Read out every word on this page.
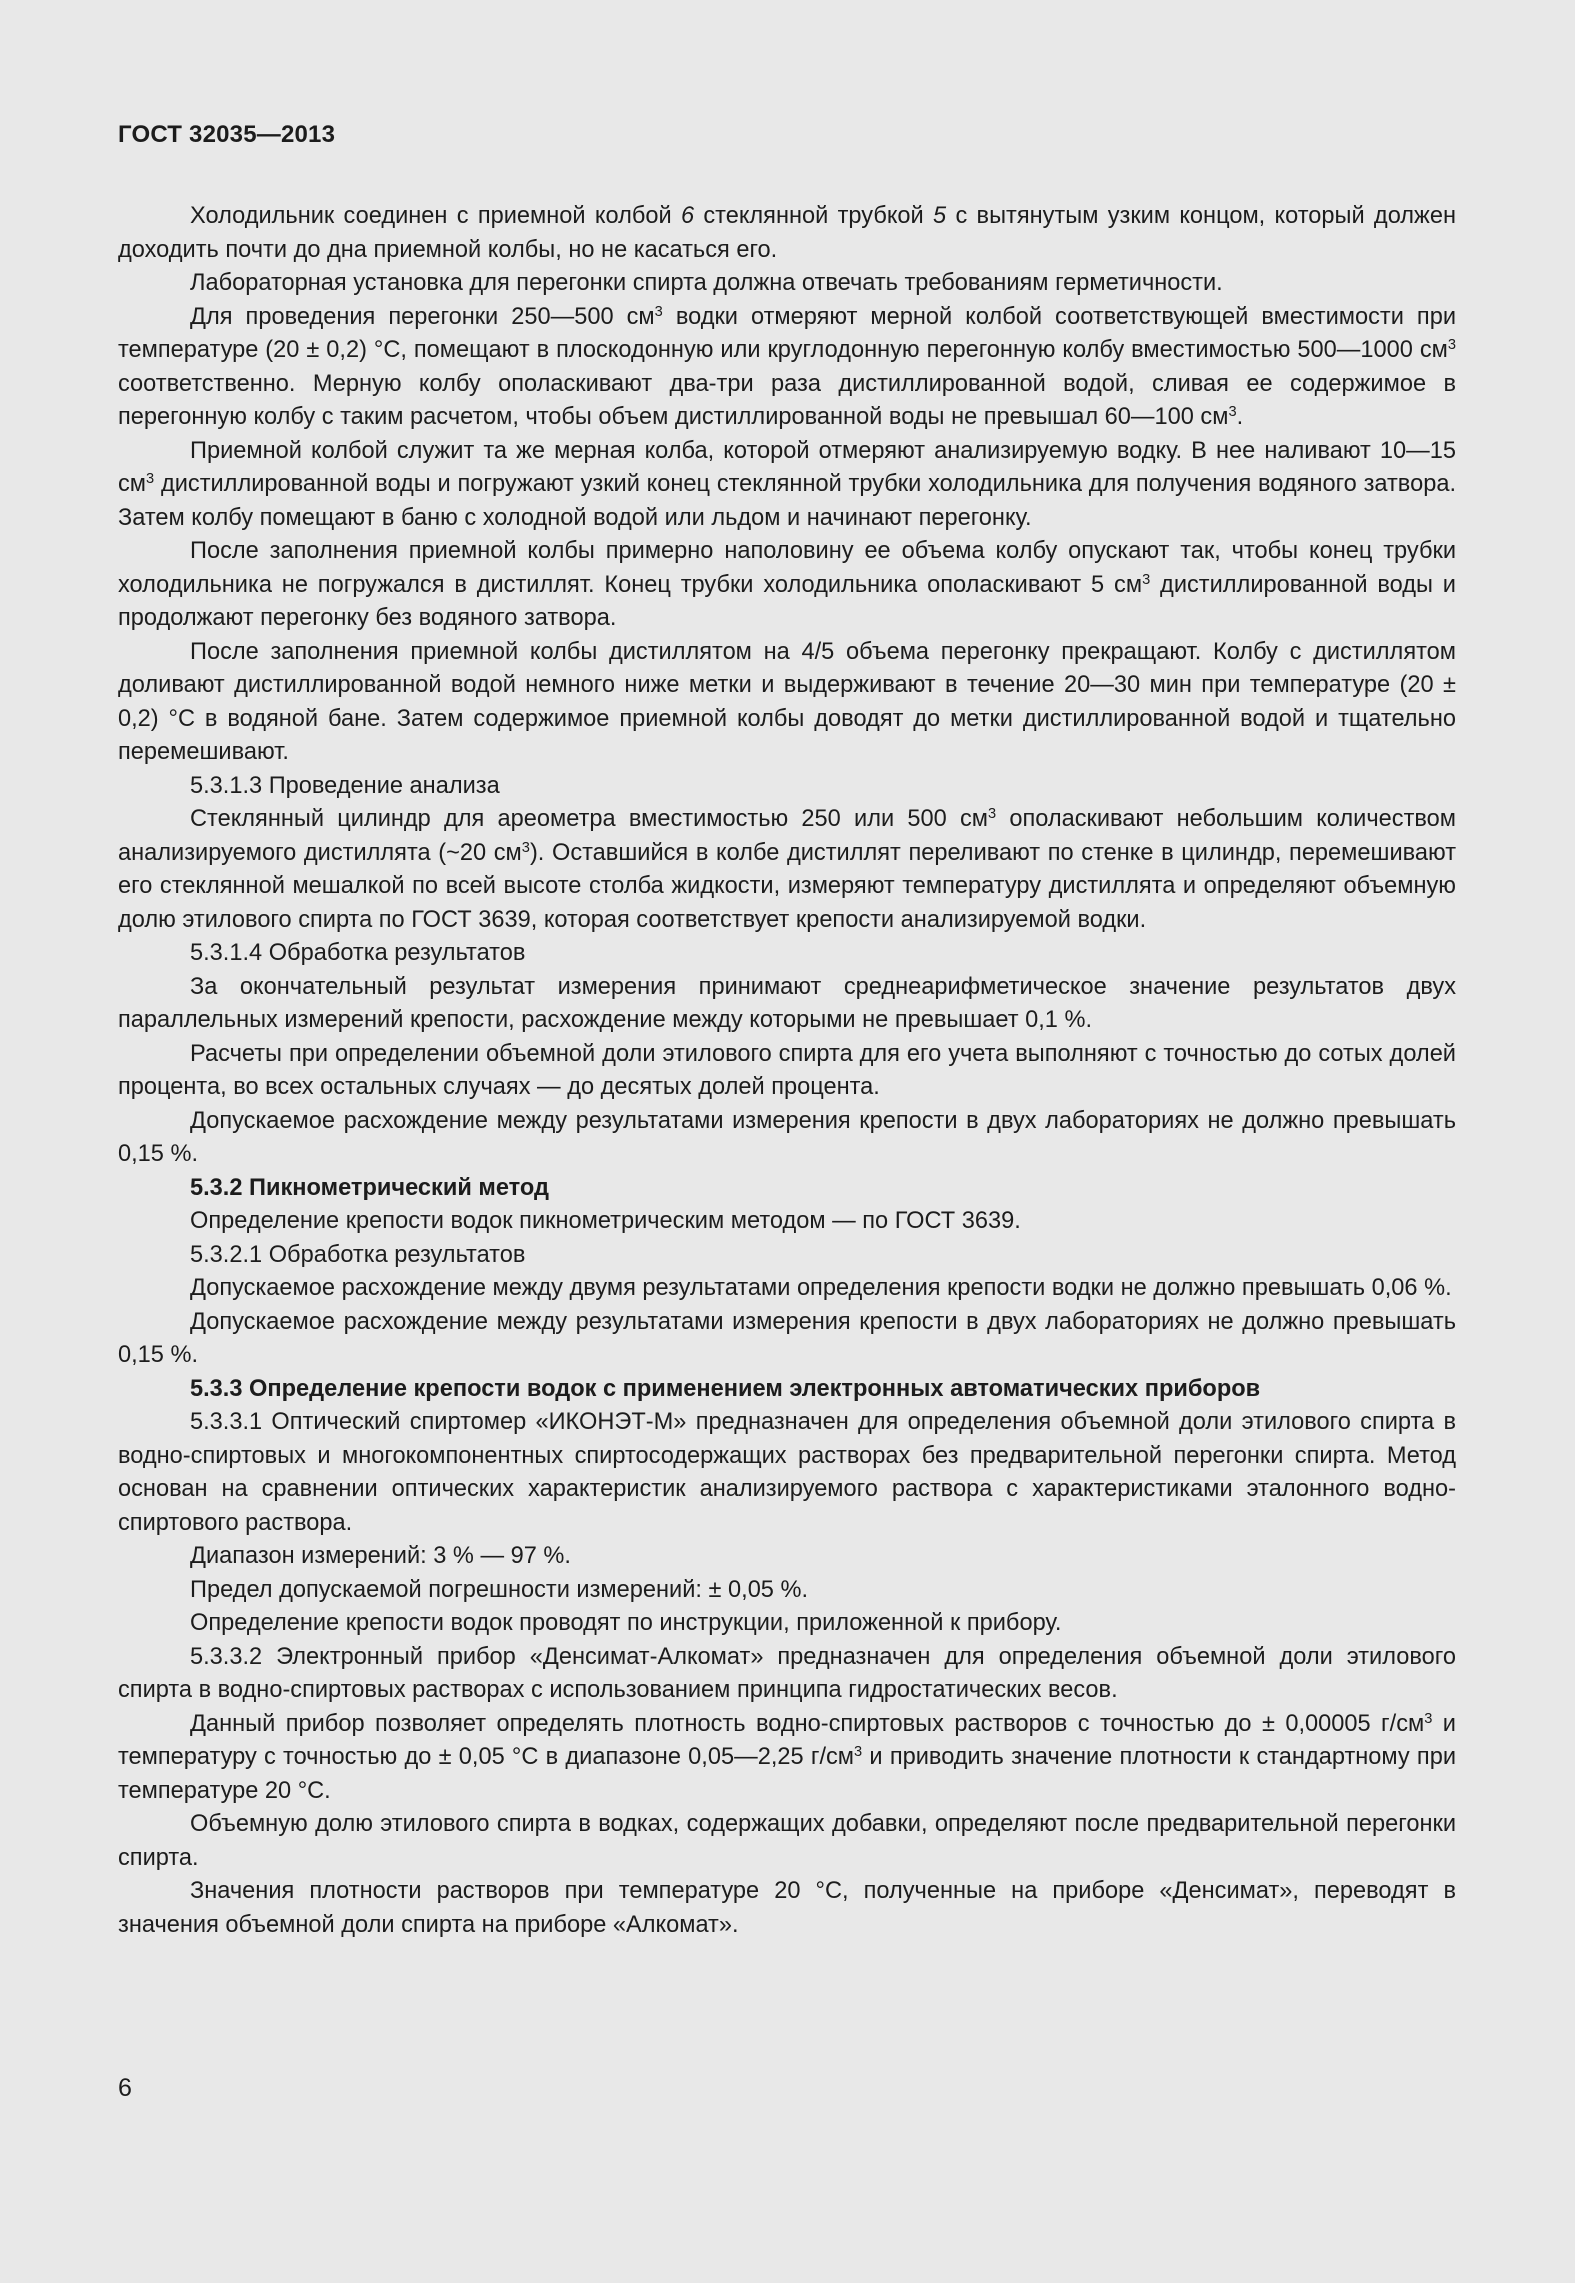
ГОСТ 32035—2013

Холодильник соединен с приемной колбой 6 стеклянной трубкой 5 с вытянутым узким концом, который должен доходить почти до дна приемной колбы, но не касаться его.

Лабораторная установка для перегонки спирта должна отвечать требованиям герметичности.

Для проведения перегонки 250—500 $см^3$ водки отмеряют мерной колбой соответствующей вместимости при температуре (20 ± 0,2) °С, помещают в плоскодонную или круглодонную перегонную колбу вместимостью 500—1000 $см^3$ соответственно. Мерную колбу ополаскивают два-три раза дистиллированной водой, сливая ее содержимое в перегонную колбу с таким расчетом, чтобы объем дистиллированной воды не превышал 60—100 $см^3$.

Приемной колбой служит та же мерная колба, которой отмеряют анализируемую водку. В нее наливают 10—15 $см^3$ дистиллированной воды и погружают узкий конец стеклянной трубки холодильника для получения водяного затвора. Затем колбу помещают в баню с холодной водой или льдом и начинают перегонку.

После заполнения приемной колбы примерно наполовину ее объема колбу опускают так, чтобы конец трубки холодильника не погружался в дистиллят. Конец трубки холодильника ополаскивают 5 $см^3$ дистиллированной воды и продолжают перегонку без водяного затвора.

После заполнения приемной колбы дистиллятом на 4/5 объема перегонку прекращают. Колбу с дистиллятом доливают дистиллированной водой немного ниже метки и выдерживают в течение 20—30 мин при температуре (20 ± 0,2) °С в водяной бане. Затем содержимое приемной колбы доводят до метки дистиллированной водой и тщательно перемешивают.

5.3.1.3 Проведение анализа

Стеклянный цилиндр для ареометра вместимостью 250 или 500 $см^3$ ополаскивают небольшим количеством анализируемого дистиллята (~20 $см^3$). Оставшийся в колбе дистиллят переливают по стенке в цилиндр, перемешивают его стеклянной мешалкой по всей высоте столба жидкости, измеряют температуру дистиллята и определяют объемную долю этилового спирта по ГОСТ 3639, которая соответствует крепости анализируемой водки.

5.3.1.4 Обработка результатов

За окончательный результат измерения принимают среднеарифметическое значение результатов двух параллельных измерений крепости, расхождение между которыми не превышает 0,1 %.

Расчеты при определении объемной доли этилового спирта для его учета выполняют с точностью до сотых долей процента, во всех остальных случаях — до десятых долей процента.

Допускаемое расхождение между результатами измерения крепости в двух лабораториях не должно превышать 0,15 %.

5.3.2 Пикнометрический метод

Определение крепости водок пикнометрическим методом — по ГОСТ 3639.

5.3.2.1 Обработка результатов

Допускаемое расхождение между двумя результатами определения крепости водки не должно превышать 0,06 %.

Допускаемое расхождение между результатами измерения крепости в двух лабораториях не должно превышать 0,15 %.

5.3.3 Определение крепости водок с применением электронных автоматических приборов

5.3.3.1 Оптический спиртомер «ИКОНЭТ-М» предназначен для определения объемной доли этилового спирта в водно-спиртовых и многокомпонентных спиртосодержащих растворах без предварительной перегонки спирта. Метод основан на сравнении оптических характеристик анализируемого раствора с характеристиками эталонного водно-спиртового раствора.

Диапазон измерений: 3 % — 97 %.

Предел допускаемой погрешности измерений: ± 0,05 %.

Определение крепости водок проводят по инструкции, приложенной к прибору.

5.3.3.2 Электронный прибор «Денсимат-Алкомат» предназначен для определения объемной доли этилового спирта в водно-спиртовых растворах с использованием принципа гидростатических весов.

Данный прибор позволяет определять плотность водно-спиртовых растворов с точностью до ± 0,00005 $г/см^3$ и температуру с точностью до ± 0,05 °С в диапазоне 0,05—2,25 $г/см^3$ и приводить значение плотности к стандартному при температуре 20 °С.

Объемную долю этилового спирта в водках, содержащих добавки, определяют после предварительной перегонки спирта.

Значения плотности растворов при температуре 20 °С, полученные на приборе «Денсимат», переводят в значения объемной доли спирта на приборе «Алкомат».

6
